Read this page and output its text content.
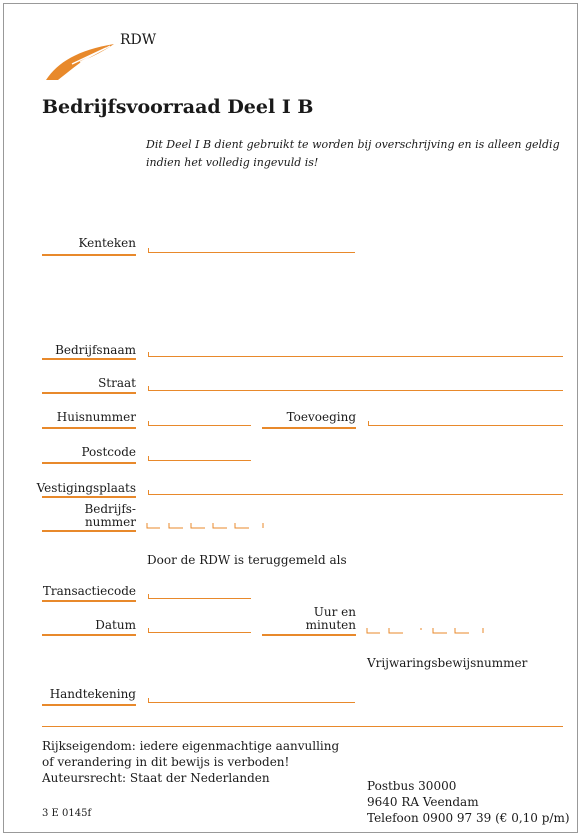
RDW
Bedrijfsvoorraad Deel I B
Dit Deel I B dient gebruikt te worden bij overschrijving en is alleen geldig indien het volledig ingevuld is!
Kenteken
Bedrijfsnaam
Straat
Huisnummer	Toevoeging
Postcode
Vestigingsplaats
Bedrijfs-
nummer
Door de RDW is teruggemeld als
Transactiecode
Datum
Uur en
minuten
Vrijwaringsbewijsnummer
Handtekening
Rijkseigendom: iedere eigenmachtige aanvulling
of verandering in dit bewijs is verboden!
Auteursrecht: Staat der Nederlanden
3 E 0145f
Postbus 30000
9640 RA Veendam
Telefoon 0900 97 39 (€ 0,10 p/m)
